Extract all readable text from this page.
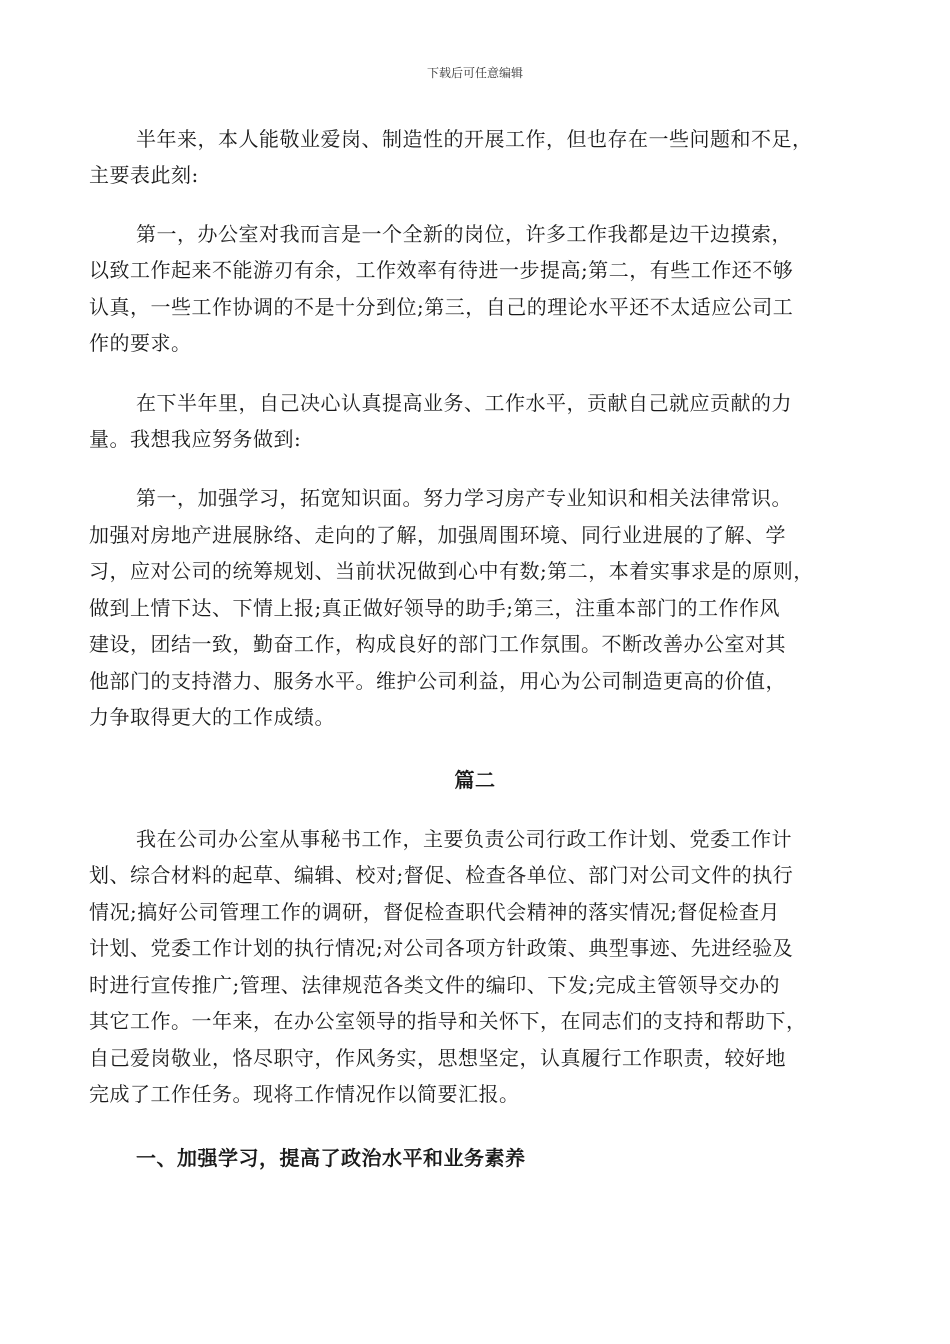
下载后可任意编辑
半年来，本人能敬业爱岗、制造性的开展工作，但也存在一些问题和不足，
主要表此刻:
第一，办公室对我而言是一个全新的岗位，许多工作我都是边干边摸索，
以致工作起来不能游刃有余，工作效率有待进一步提高;第二，有些工作还不够
认真，一些工作协调的不是十分到位;第三，自己的理论水平还不太适应公司工
作的要求。
在下半年里，自己决心认真提高业务、工作水平，贡献自己就应贡献的力
量。我想我应努务做到:
第一，加强学习，拓宽知识面。努力学习房产专业知识和相关法律常识。
加强对房地产进展脉络、走向的了解，加强周围环境、同行业进展的了解、学
习，应对公司的统筹规划、当前状况做到心中有数;第二，本着实事求是的原则，
做到上情下达、下情上报;真正做好领导的助手;第三，注重本部门的工作作风
建设，团结一致，勤奋工作，构成良好的部门工作氛围。不断改善办公室对其
他部门的支持潜力、服务水平。维护公司利益，用心为公司制造更高的价值，
力争取得更大的工作成绩。
篇二
我在公司办公室从事秘书工作，主要负责公司行政工作计划、党委工作计
划、综合材料的起草、编辑、校对;督促、检查各单位、部门对公司文件的执行
情况;搞好公司管理工作的调研，督促检查职代会精神的落实情况;督促检查月
计划、党委工作计划的执行情况;对公司各项方针政策、典型事迹、先进经验及
时进行宣传推广;管理、法律规范各类文件的编印、下发;完成主管领导交办的
其它工作。一年来，在办公室领导的指导和关怀下，在同志们的支持和帮助下，
自己爱岗敬业，恪尽职守，作风务实，思想坚定，认真履行工作职责，较好地
完成了工作任务。现将工作情况作以简要汇报。
一、加强学习，提高了政治水平和业务素养
